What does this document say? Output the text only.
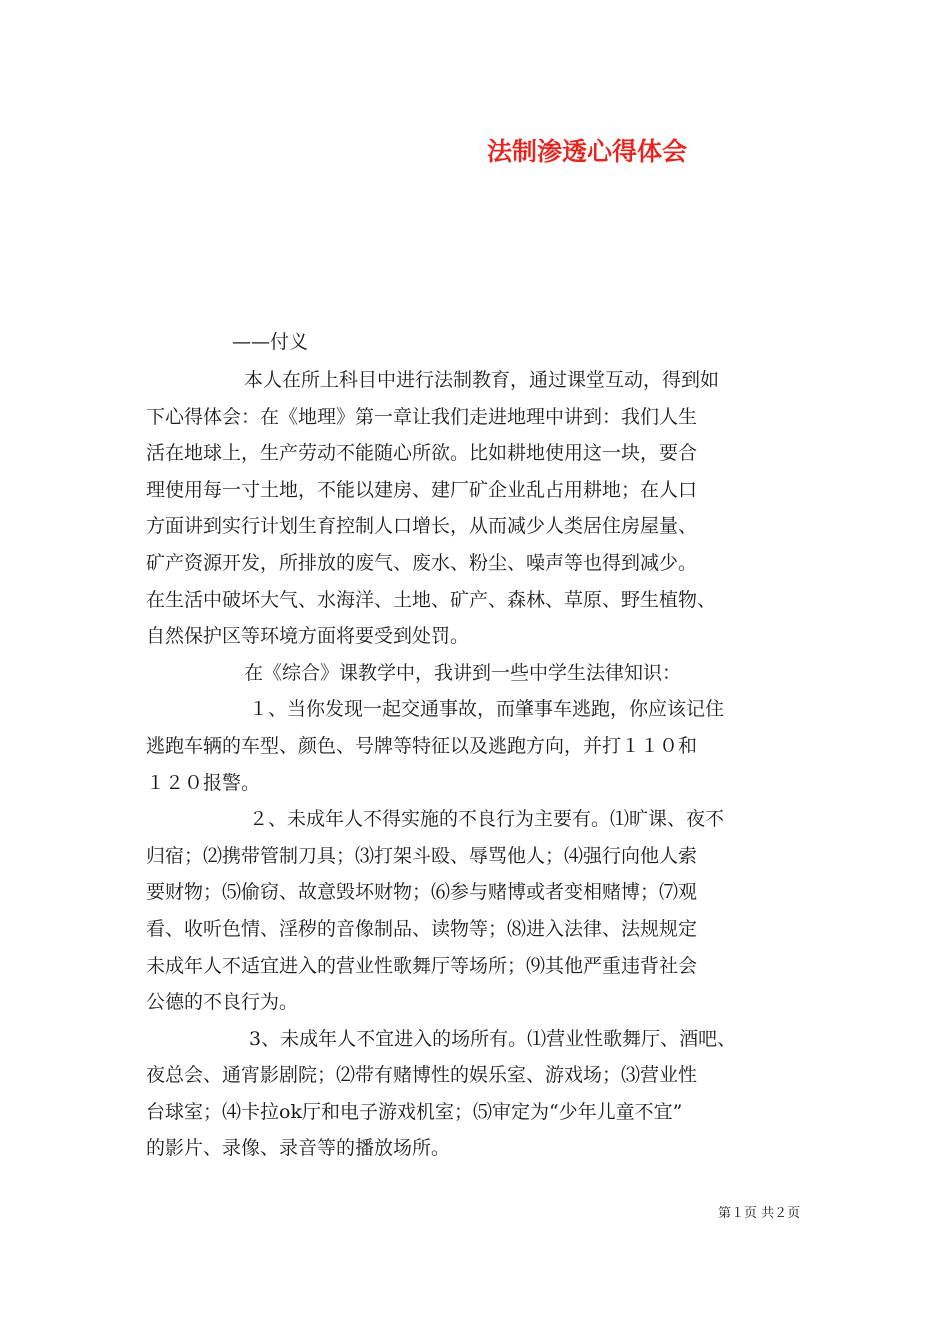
法制渗透心得体会
——付义
本人在所上科目中进行法制教育，通过课堂互动，得到如
下心得体会：在《地理》第一章让我们走进地理中讲到：我们人生
活在地球上，生产劳动不能随心所欲。比如耕地使用这一块，要合
理使用每一寸土地，不能以建房、建厂矿企业乱占用耕地；在人口
方面讲到实行计划生育控制人口增长，从而减少人类居住房屋量、
矿产资源开发，所排放的废气、废水、粉尘、噪声等也得到减少。
在生活中破坏大气、水海洋、土地、矿产、森林、草原、野生植物、
自然保护区等环境方面将要受到处罚。
在《综合》课教学中，我讲到一些中学生法律知识：
１、当你发现一起交通事故，而肇事车逃跑，你应该记住
逃跑车辆的车型、颜色、号牌等特征以及逃跑方向，并打１１０和
１２０报警。
２、未成年人不得实施的不良行为主要有。⑴旷课、夜不
归宿；⑵携带管制刀具；⑶打架斗殴、辱骂他人；⑷强行向他人索
要财物；⑸偷窃、故意毁坏财物；⑹参与赌博或者变相赌博；⑺观
看、收听色情、淫秽的音像制品、读物等；⑻进入法律、法规规定
未成年人不适宜进入的营业性歌舞厅等场所；⑼其他严重违背社会
公德的不良行为。
3、未成年人不宜进入的场所有。⑴营业性歌舞厅、酒吧、
夜总会、通宵影剧院；⑵带有赌博性的娱乐室、游戏场；⑶营业性
台球室；⑷卡拉ok厅和电子游戏机室；⑸审定为“少年儿童不宜”
的影片、录像、录音等的播放场所。
第１页 共２页
